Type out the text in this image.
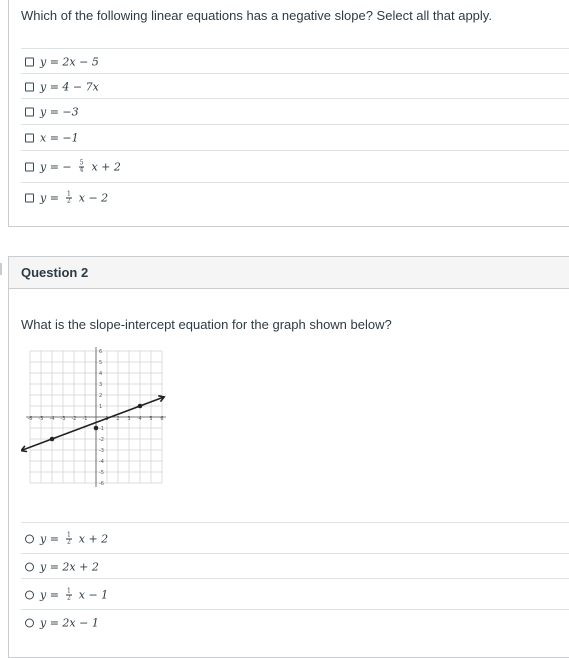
Which of the following linear equations has a negative slope? Select all that apply.
y = 2x − 5
y = 4 − 7x
y = −3
x = −1
y = − $\frac{5}{4}$ x + 2
$y = \frac{1}{2}$ x − 2
Question 2
What is the slope-intercept equation for the graph shown below?
-6 -5 -4 -3 -2 -1	2 3 4 5 6
6
5
4
3
2
1
-1
-2
-3
-4
-5
-6
$y = \frac{1}{2}$ x + 2
y = 2x + 2
$y = \frac{1}{2}$ x − 1
y = 2x − 1
